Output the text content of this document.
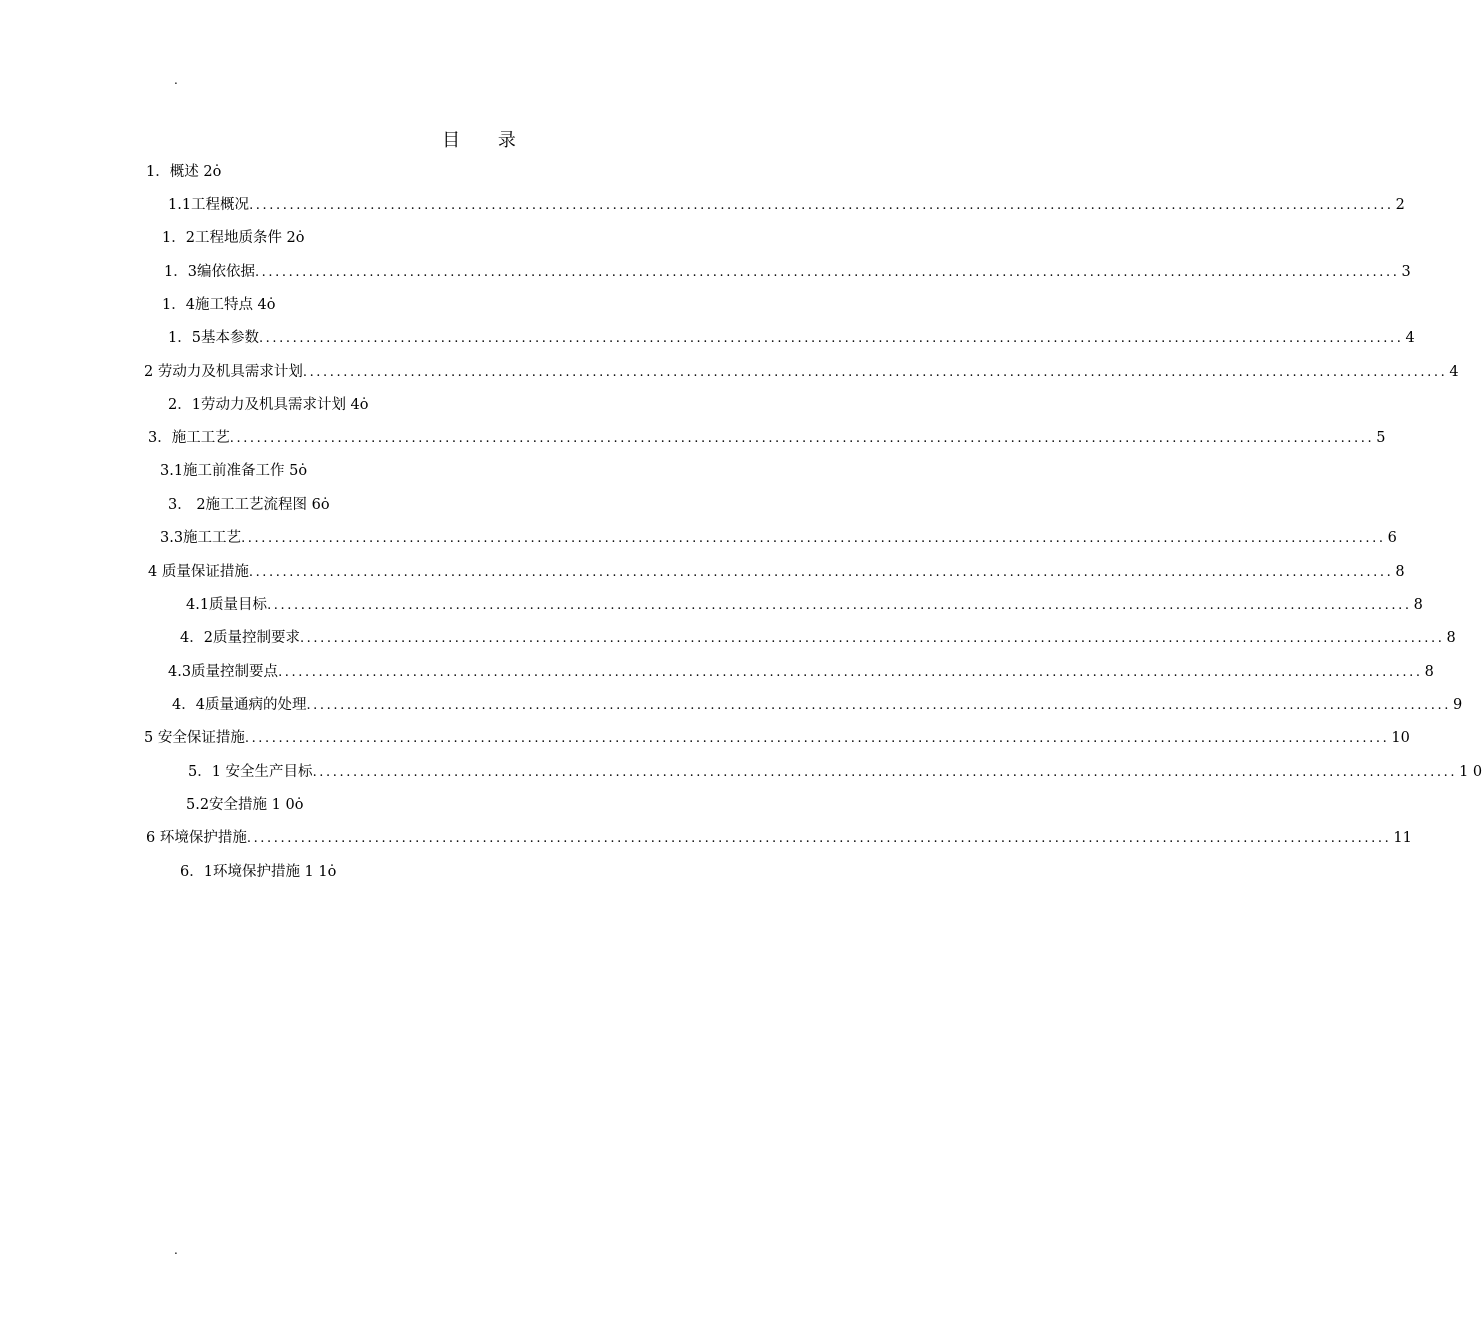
.
目 录
1．概述 2 ȯ
1.1工程概况 .......................................................................................................................................................................... 2
1．2工程地质条件 2 ȯ
1．3编依依据 .......................................................................................................................................................................... 3
1．4施工特点 4 ȯ
1．5基本参数 .......................................................................................................................................................................... 4
2 劳动力及机具需求计划 .......................................................................................................................................................................... 4
2．1劳动力及机具需求计划 4 ȯ
3．施工工艺 .......................................................................................................................................................................... 5
3.1施工前准备工作 5 ȯ
3． 2施工工艺流程图 6 ȯ
3.3施工工艺 .......................................................................................................................................................................... 6
4 质量保证措施 .......................................................................................................................................................................... 8
4.1质量目标 .......................................................................................................................................................................... 8
4．2质量控制要求 .......................................................................................................................................................................... 8
4.3质量控制要点 .......................................................................................................................................................................... 8
4．4质量通病的处理 .......................................................................................................................................................................... 9
5 安全保证措施 .......................................................................................................................................................................... 10
5．1 安全生产目标 .......................................................................................................................................................................... 1 0
5.2安全措施 1 0 ȯ
6 环境保护措施 .......................................................................................................................................................................... 11
6．1环境保护措施 1 1 ȯ
.
